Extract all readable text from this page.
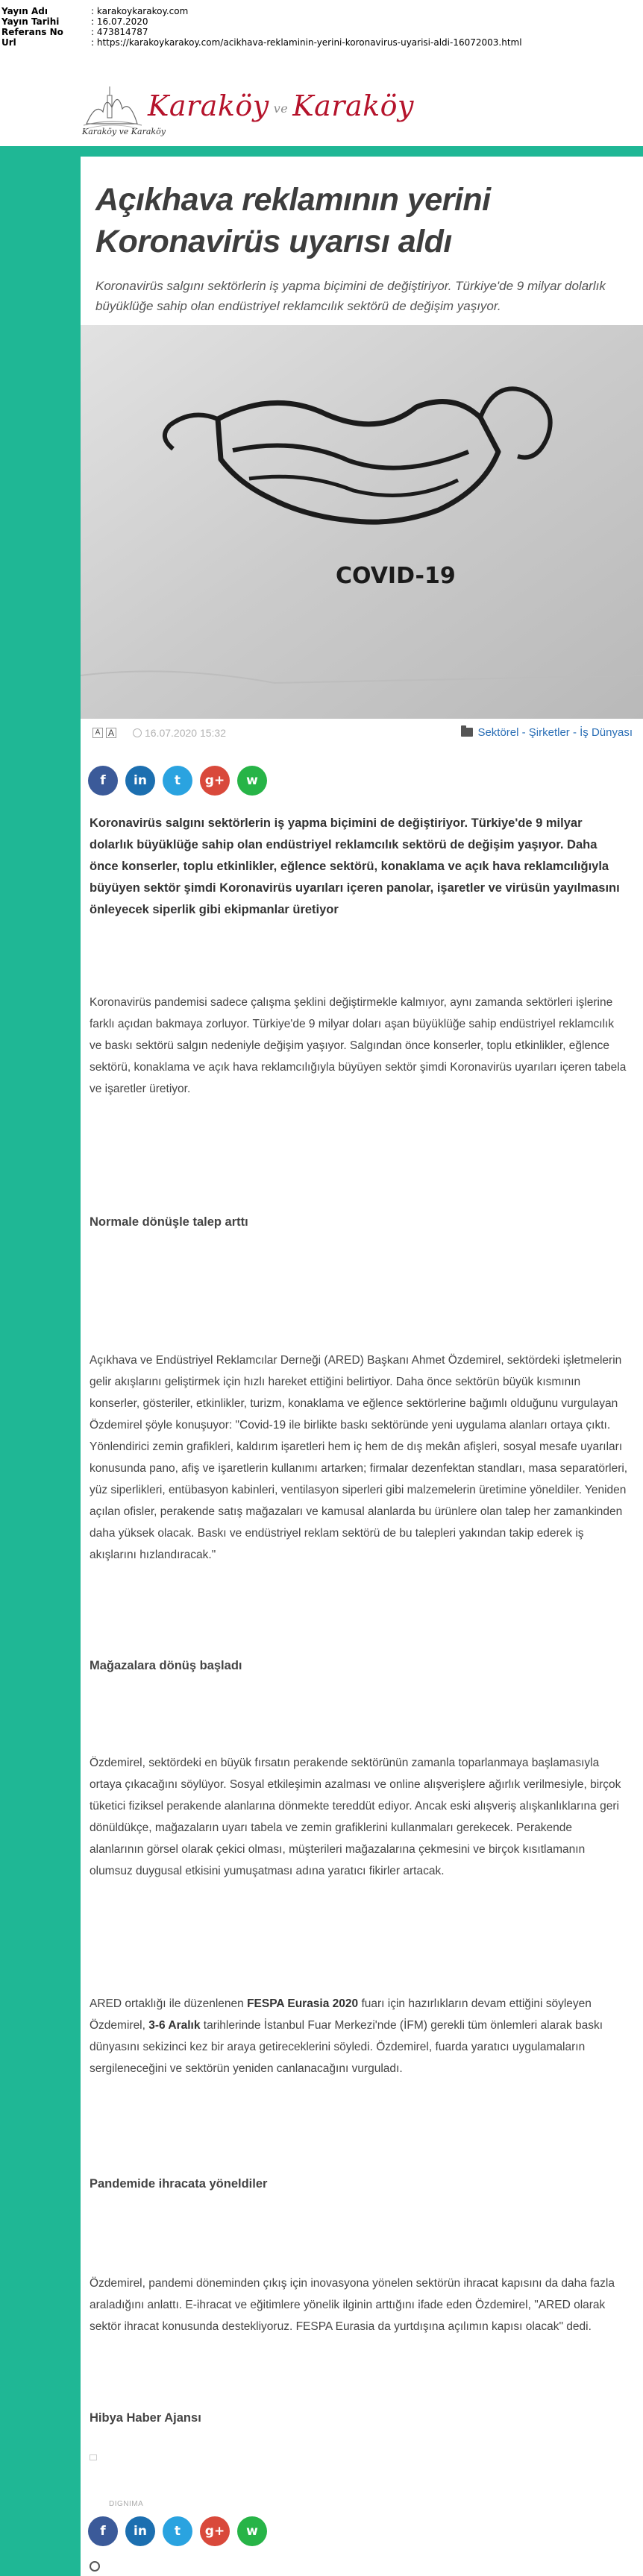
Yayın Adı	: karakoykarakoy.com
Yayın Tarihi	: 16.07.2020
Referans No	: 473814787
Url	: https://karakoykarakoy.com/acikhava-reklaminin-yerini-koronavirus-uyarisi-aldi-16072003.html
Karaköy ve Karaköy
Karaköy ve Karaköy
Açıkhava reklamının yerini Koronavirüs uyarısı aldı

Koronavirüs salgını sektörlerin iş yapma biçimini de değiştiriyor. Türkiye'de 9 milyar dolarlık büyüklüğe sahip olan endüstriyel reklamcılık sektörü de değişim yaşıyor.

COVID-19
A A	16.07.2020 15:32	Sektörel - Şirketler - İş Dünyası
f	in	t	g+	w

Koronavirüs salgını sektörlerin iş yapma biçimini de değiştiriyor. Türkiye'de 9 milyar dolarlık büyüklüğe sahip olan endüstriyel reklamcılık sektörü de değişim yaşıyor. Daha önce konserler, toplu etkinlikler, eğlence sektörü, konaklama ve açık hava reklamcılığıyla büyüyen sektör şimdi Koronavirüs uyarıları içeren panolar, işaretler ve virüsün yayılmasını önleyecek siperlik gibi ekipmanlar üretiyor

Koronavirüs pandemisi sadece çalışma şeklini değiştirmekle kalmıyor, aynı zamanda sektörleri işlerine farklı açıdan bakmaya zorluyor. Türkiye'de 9 milyar doları aşan büyüklüğe sahip endüstriyel reklamcılık ve baskı sektörü salgın nedeniyle değişim yaşıyor. Salgından önce konserler, toplu etkinlikler, eğlence sektörü, konaklama ve açık hava reklamcılığıyla büyüyen sektör şimdi Koronavirüs uyarıları içeren tabela ve işaretler üretiyor.

Normale dönüşle talep arttı

Açıkhava ve Endüstriyel Reklamcılar Derneği (ARED) Başkanı Ahmet Özdemirel, sektördeki işletmelerin gelir akışlarını geliştirmek için hızlı hareket ettiğini belirtiyor. Daha önce sektörün büyük kısmının konserler, gösteriler, etkinlikler, turizm, konaklama ve eğlence sektörlerine bağımlı olduğunu vurgulayan Özdemirel şöyle konuşuyor: "Covid-19 ile birlikte baskı sektöründe yeni uygulama alanları ortaya çıktı. Yönlendirici zemin grafikleri, kaldırım işaretleri hem iç hem de dış mekân afişleri, sosyal mesafe uyarıları konusunda pano, afiş ve işaretlerin kullanımı artarken; firmalar dezenfektan standları, masa separatörleri, yüz siperlikleri, entübasyon kabinleri, ventilasyon siperleri gibi malzemelerin üretimine yöneldiler. Yeniden açılan ofisler, perakende satış mağazaları ve kamusal alanlarda bu ürünlere olan talep her zamankinden daha yüksek olacak. Baskı ve endüstriyel reklam sektörü de bu talepleri yakından takip ederek iş akışlarını hızlandıracak."

Mağazalara dönüş başladı

Özdemirel, sektördeki en büyük fırsatın perakende sektörünün zamanla toparlanmaya başlamasıyla ortaya çıkacağını söylüyor. Sosyal etkileşimin azalması ve online alışverişlere ağırlık verilmesiyle, birçok tüketici fiziksel perakende alanlarına dönmekte tereddüt ediyor. Ancak eski alışveriş alışkanlıklarına geri dönüldükçe, mağazaların uyarı tabela ve zemin grafiklerini kullanmaları gerekecek. Perakende alanlarının görsel olarak çekici olması, müşterileri mağazalarına çekmesini ve birçok kısıtlamanın olumsuz duygusal etkisini yumuşatması adına yaratıcı fikirler artacak.

ARED ortaklığı ile düzenlenen FESPA Eurasia 2020 fuarı için hazırlıkların devam ettiğini söyleyen Özdemirel, 3-6 Aralık tarihlerinde İstanbul Fuar Merkezi'nde (İFM) gerekli tüm önlemleri alarak baskı dünyasını sekizinci kez bir araya getireceklerini söyledi. Özdemirel, fuarda yaratıcı uygulamaların sergileneceğini ve sektörün yeniden canlanacağını vurguladı.

Pandemide ihracata yöneldiler

Özdemirel, pandemi döneminden çıkış için inovasyona yönelen sektörün ihracat kapısını da daha fazla araladığını anlattı. E-ihracat ve eğitimlere yönelik ilginin arttığını ifade eden Özdemirel, "ARED olarak sektör ihracat konusunda destekliyoruz. FESPA Eurasia da yurtdışına açılımın kapısı olacak" dedi.

Hibya Haber Ajansı
DIGNIMA
f	in	t	g+	w
